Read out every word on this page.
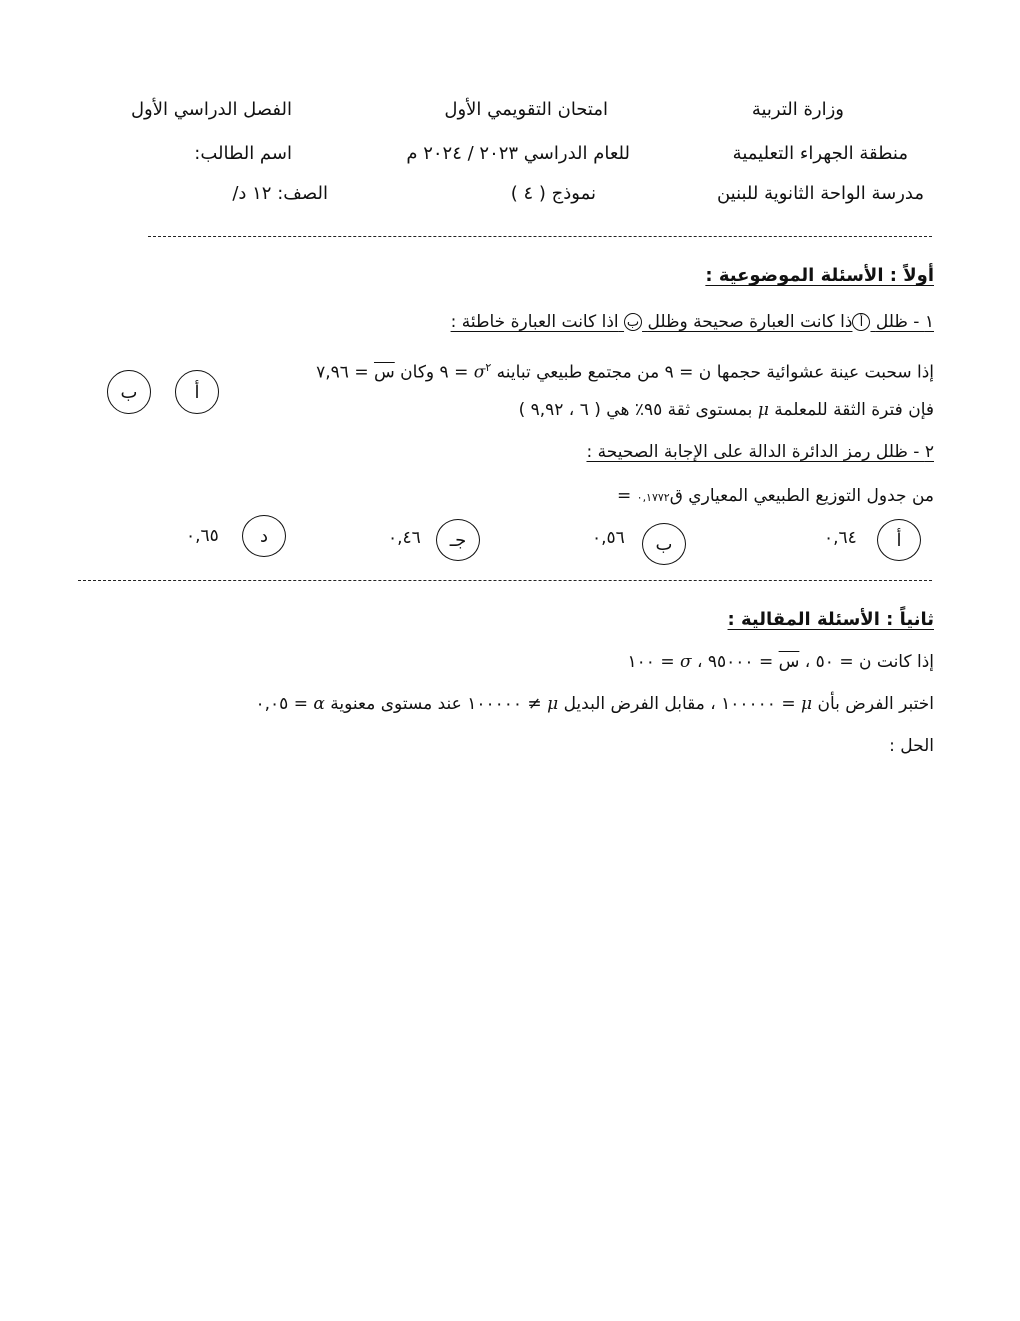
وزارة التربية
امتحان التقويمي الأول
الفصل الدراسي الأول
منطقة الجهراء التعليمية
للعام الدراسي ٢٠٢٣ / ٢٠٢٤ م
اسم الطالب:
مدرسة الواحة الثانوية للبنين
نموذج ( ٤ )
الصف: ١٢ د/
أولاً : الأسئلة الموضوعية :
١ - ظلل أذا كانت العبارة صحيحة وظلل ب اذا كانت العبارة خاطئة :
إذا سحبت عينة عشوائية حجمها ن = ٩ من مجتمع طبيعي تباينه $\sigma^٢$ = ٩ وكان س = ٧,٩٦
فإن فترة الثقة للمعلمة μ بمستوى ثقة ٩٥٪ هي ( ٦ ، ٩,٩٢ )
أ
ب
٢ - ظلل رمز الدائرة الدالة على الإجابة الصحيحة :
من جدول التوزيع الطبيعي المعياري ق٠,١٧٧٢ =
أ
٠,٦٤
ب
٠,٥٦
جـ
٠,٤٦
د
٠,٦٥
ثانياً : الأسئلة المقالية :
إذا كانت ن = ٥٠ ، س = ٩٥٠٠٠ ، σ = ١٠٠
اختبر الفرض بأن μ = ١٠٠٠٠٠ ، مقابل الفرض البديل μ ≠ ١٠٠٠٠٠ عند مستوى معنوية α = ٠,٠٥
الحل :
